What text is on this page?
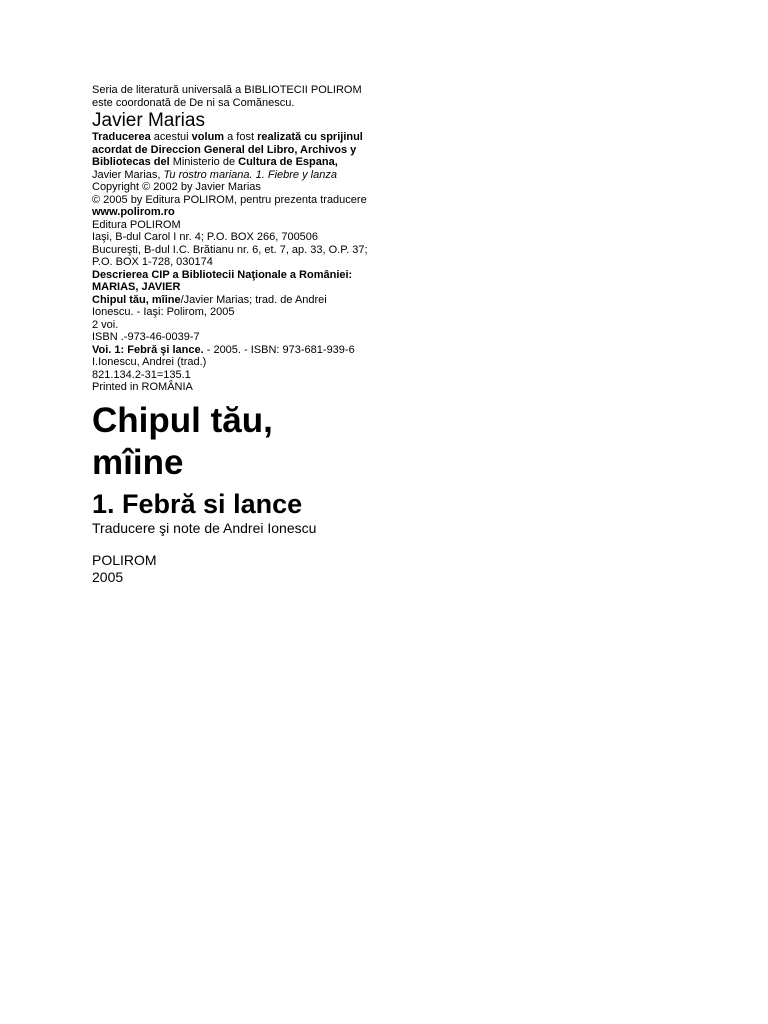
Seria de literatură universală a BIBLIOTECII POLIROM

este coordonată de De ni sa Comănescu.

Javier Marias

Traducerea acestui volum a fost realizată cu sprijinul

acordat de Direccion General del Libro, Archivos y

Bibliotecas del Ministerio de Cultura de Espana,

Javier Marias, Tu rostro mariana. 1. Fiebre y lanza

Copyright © 2002 by Javier Marias

© 2005 by Editura POLIROM, pentru prezenta traducere

www.polirom.ro

Editura POLIROM

Iaşi, B-dul Carol I nr. 4; P.O. BOX 266, 700506

Bucureşti, B-dul I.C. Brătianu nr. 6, et. 7, ap. 33, O.P. 37;

P.O. BOX 1-728, 030174

Descrierea CIP a Bibliotecii Naţionale a României:

MARIAS, JAVIER

Chipul tău, mîine/Javier Marias; trad. de Andrei

Ionescu. - Iaşi: Polirom, 2005

2 voi.

ISBN .-973-46-0039-7

Voi. 1: Febră şi lance. - 2005. - ISBN: 973-681-939-6

I.Ionescu, Andrei (trad.)

821.134.2-31=135.1

Printed in ROMÂNIA

Chipul tău,

mîine

1. Febră si lance

Traducere şi note de Andrei Ionescu

POLIROM

2005
